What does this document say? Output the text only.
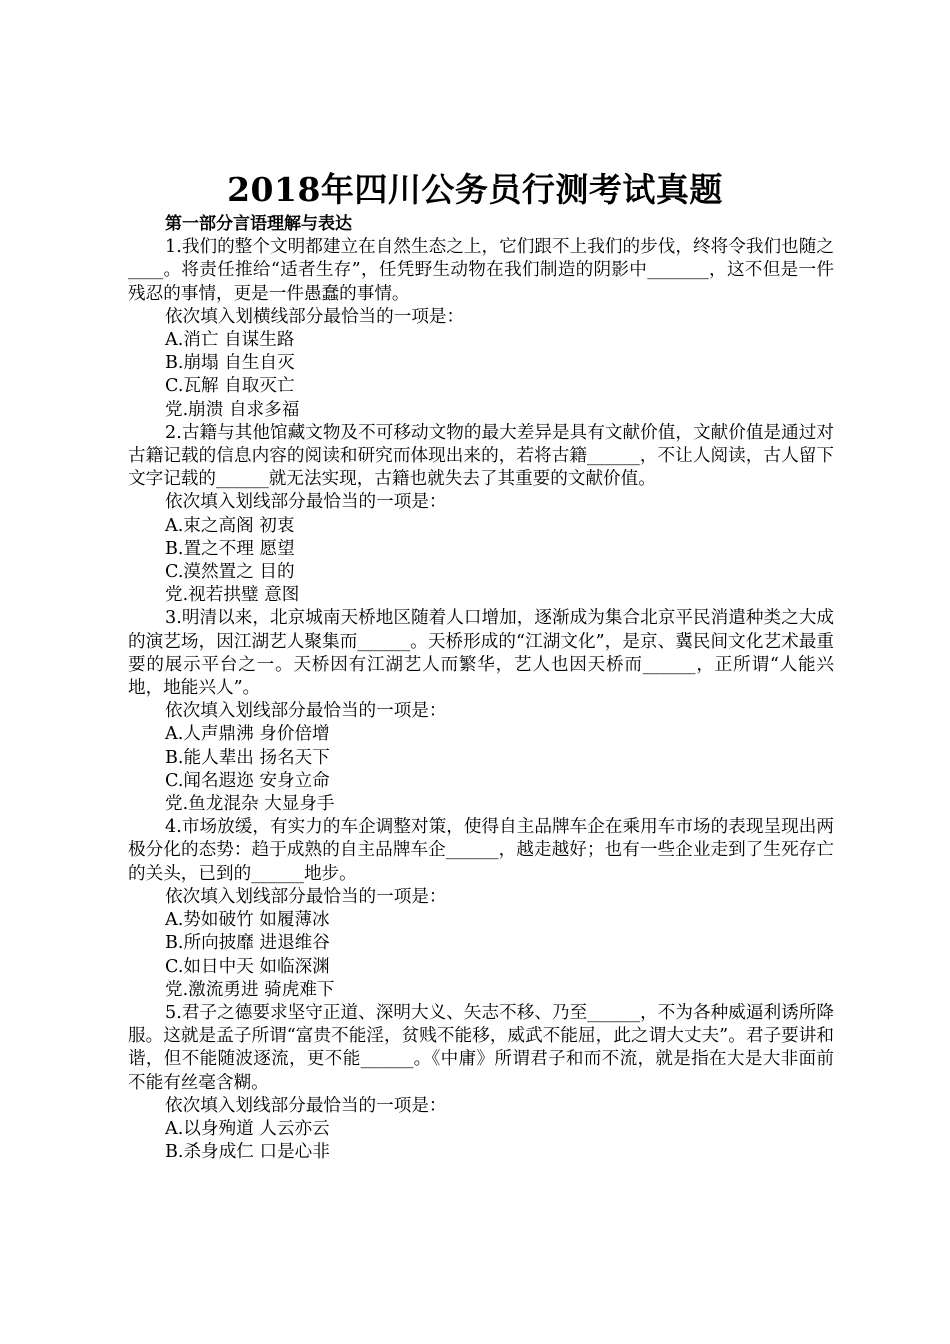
2018年四川公务员行测考试真题
第一部分言语理解与表达

1.我们的整个文明都建立在自然生态之上，它们跟不上我们的步伐，终将令我们也随之____。将责任推给“适者生存”，任凭野生动物在我们制造的阴影中_______，这不但是一件残忍的事情，更是一件愚蠢的事情。

依次填入划横线部分最恰当的一项是：

A.消亡 自谋生路

B.崩塌 自生自灭

C.瓦解 自取灭亡

党.崩溃 自求多福

2.古籍与其他馆藏文物及不可移动文物的最大差异是具有文献价值，文献价值是通过对古籍记载的信息内容的阅读和研究而体现出来的，若将古籍______，不让人阅读，古人留下文字记载的______就无法实现，古籍也就失去了其重要的文献价值。

依次填入划线部分最恰当的一项是：

A.束之高阁 初衷

B.置之不理 愿望

C.漠然置之 目的

党.视若拱璧 意图

3.明清以来，北京城南天桥地区随着人口增加，逐渐成为集合北京平民消遣种类之大成的演艺场，因江湖艺人聚集而______。天桥形成的“江湖文化”，是京、冀民间文化艺术最重要的展示平台之一。天桥因有江湖艺人而繁华，艺人也因天桥而______，正所谓“人能兴地，地能兴人”。

依次填入划线部分最恰当的一项是：

A.人声鼎沸 身价倍增

B.能人辈出 扬名天下

C.闻名遐迩 安身立命

党.鱼龙混杂 大显身手

4.市场放缓，有实力的车企调整对策，使得自主品牌车企在乘用车市场的表现呈现出两极分化的态势：趋于成熟的自主品牌车企______，越走越好；也有一些企业走到了生死存亡的关头，已到的______地步。

依次填入划线部分最恰当的一项是：

A.势如破竹 如履薄冰

B.所向披靡 进退维谷

C.如日中天 如临深渊

党.激流勇进 骑虎难下

5.君子之德要求坚守正道、深明大义、矢志不移、乃至______，不为各种威逼利诱所降服。这就是孟子所谓“富贵不能淫，贫贱不能移，威武不能屈，此之谓大丈夫”。君子要讲和谐，但不能随波逐流，更不能______。《中庸》所谓君子和而不流，就是指在大是大非面前不能有丝毫含糊。

依次填入划线部分最恰当的一项是：

A.以身殉道 人云亦云

B.杀身成仁 口是心非
